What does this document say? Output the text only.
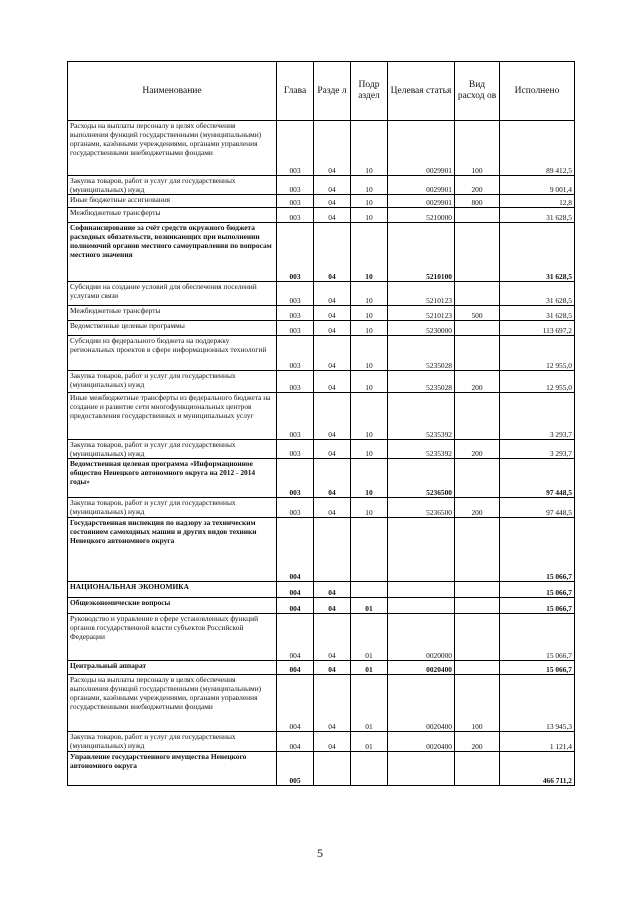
Наименование	Глава	Разде л	Подр аздел	Целевая статья	Вид расход ов	Исполнено
Расходы на выплаты персоналу в целях обеспечения выполнения функций государственными (муниципальными) органами, казёнными учреждениями, органами управления государственными внебюджетными фондами	003	04	10	0029901	100	89 412,5
Закупка товаров, работ и услуг для государственных (муниципальных) нужд	003	04	10	0029901	200	9 001,4
Иные бюджетные ассигнования	003	04	10	0029901	800	12,8
Межбюджетные трансферты	003	04	10	5210000		31 628,5
Софинансирование за счёт средств окружного бюджета расходных обязательств, возникающих при выполнении полномочий органов местного самоуправления по вопросам местного значения	003	04	10	5210100		31 628,5
Субсидии на создание условий для обеспечения поселений услугами связи	003	04	10	5210123		31 628,5
Межбюджетные трансферты	003	04	10	5210123	500	31 628,5
Ведомственные целевые программы	003	04	10	5230000		113 697,2
Субсидии из федерального бюджета на поддержку региональных проектов в сфере информационных технологий	003	04	10	5235028		12 955,0
Закупка товаров, работ и услуг для государственных (муниципальных) нужд	003	04	10	5235028	200	12 955,0
Иные межбюджетные трансферты из федерального бюджета на создание и развитие сети многофункциональных центров предоставления государственных и муниципальных услуг	003	04	10	5235392		3 293,7
Закупка товаров, работ и услуг для государственных (муниципальных) нужд	003	04	10	5235392	200	3 293,7
Ведомственная целевая программа «Информационное общество Ненецкого автономного округа на 2012 - 2014 годы»	003	04	10	5236500		97 448,5
Закупка товаров, работ и услуг для государственных (муниципальных) нужд	003	04	10	5236500	200	97 448,5
Государственная инспекция по надзору за техническим состоянием самоходных машин и других видов техники Ненецкого автономного округа	004					15 066,7
НАЦИОНАЛЬНАЯ ЭКОНОМИКА	004	04				15 066,7
Общеэкономические вопросы	004	04	01			15 066,7
Руководство и управление в сфере установленных функций органов государственной власти субъектов Российской Федерации	004	04	01	0020000		15 066,7
Центральный аппарат	004	04	01	0020400		15 066,7
Расходы на выплаты персоналу в целях обеспечения выполнения функций государственными (муниципальными) органами, казёнными учреждениями, органами управления государственными внебюджетными фондами	004	04	01	0020400	100	13 945,3
Закупка товаров, работ и услуг для государственных (муниципальных) нужд	004	04	01	0020400	200	1 121,4
Управление государственного имущества Ненецкого автономного округа	005					466 711,2
5
